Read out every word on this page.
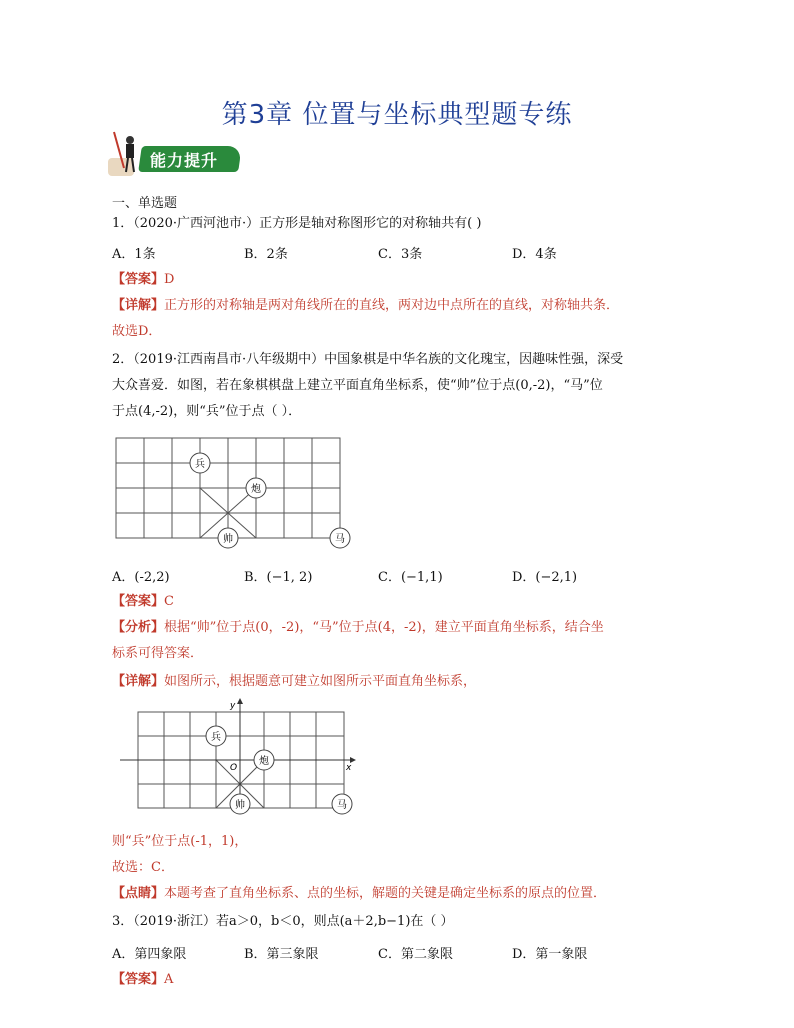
第3章 位置与坐标典型题专练
能力提升
一、单选题
1．（2020·广西河池市·）正方形是轴对称图形它的对称轴共有( )
A．1条	B．2条	C．3条	D．4条
【答案】D
【详解】正方形的对称轴是两对角线所在的直线，两对边中点所在的直线，对称轴共条．
故选D．
2．（2019·江西南昌市·八年级期中）中国象棋是中华名族的文化瑰宝，因趣味性强，深受
大众喜爱．如图，若在象棋棋盘上建立平面直角坐标系，使“帅”位于点(0,-2)，“马”位
于点(4,-2)，则“兵”位于点（ ）．
兵
炮
帅	马
A．(-2,2)	B．(−1, 2)	C．(−1,1)	D．(−2,1)
【答案】C
【分析】根据“帅”位于点(0，-2)，“马”位于点(4，-2)，建立平面直角坐标系，结合坐
标系可得答案．
【详解】如图所示，根据题意可建立如图所示平面直角坐标系，
x
y
O
兵
炮
帅	马
则“兵”位于点(-1，1)，
故选：C．
【点睛】本题考查了直角坐标系、点的坐标，解题的关键是确定坐标系的原点的位置．
3．（2019·浙江）若a＞0，b＜0，则点(a＋2,b−1)在（ ）
A．第四象限	B．第三象限	C．第二象限	D．第一象限
【答案】A
